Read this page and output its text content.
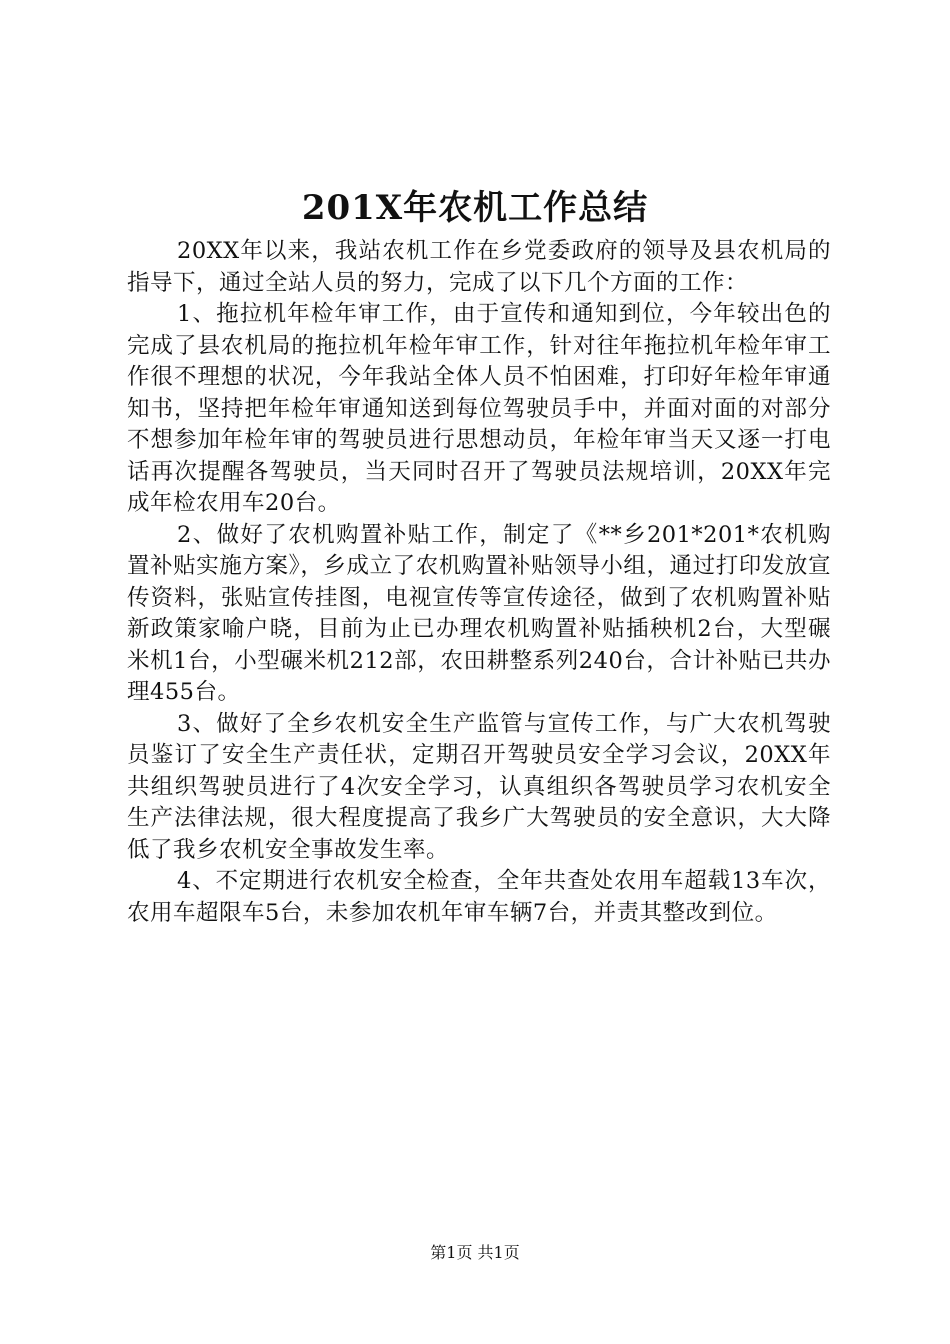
201X年农机工作总结

20XX年以来，我站农机工作在乡党委政府的领导及县农机局的指导下，通过全站人员的努力，完成了以下几个方面的工作：

1、拖拉机年检年审工作，由于宣传和通知到位，今年较出色的完成了县农机局的拖拉机年检年审工作，针对往年拖拉机年检年审工作很不理想的状况，今年我站全体人员不怕困难，打印好年检年审通知书，坚持把年检年审通知送到每位驾驶员手中，并面对面的对部分不想参加年检年审的驾驶员进行思想动员，年检年审当天又逐一打电话再次提醒各驾驶员，当天同时召开了驾驶员法规培训，20XX年完成年检农用车20台。

2、做好了农机购置补贴工作，制定了《**乡201*201*农机购置补贴实施方案》，乡成立了农机购置补贴领导小组，通过打印发放宣传资料，张贴宣传挂图，电视宣传等宣传途径，做到了农机购置补贴新政策家喻户晓，目前为止已办理农机购置补贴插秧机2台，大型碾米机1台，小型碾米机212部，农田耕整系列240台，合计补贴已共办理455台。

3、做好了全乡农机安全生产监管与宣传工作，与广大农机驾驶员鉴订了安全生产责任状，定期召开驾驶员安全学习会议，20XX年共组织驾驶员进行了4次安全学习，认真组织各驾驶员学习农机安全生产法律法规，很大程度提高了我乡广大驾驶员的安全意识，大大降低了我乡农机安全事故发生率。

4、不定期进行农机安全检查，全年共查处农用车超载13车次，农用车超限车5台，未参加农机年审车辆7台，并责其整改到位。

第1页 共1页
